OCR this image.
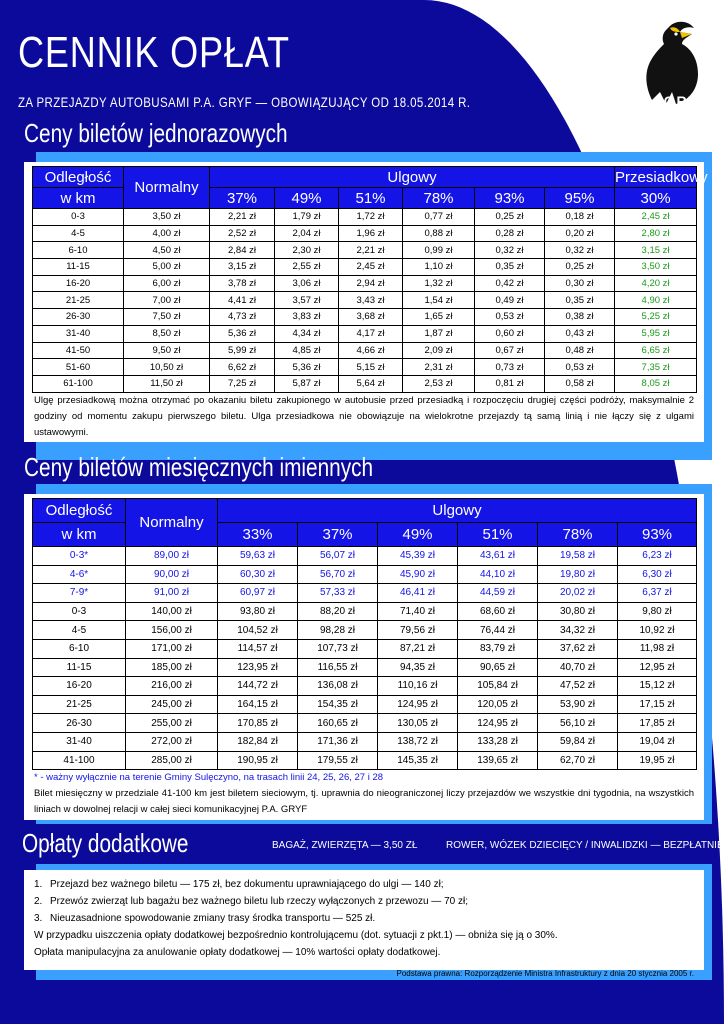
CENNIK OPŁAT
ZA PRZEJAZDY AUTOBUSAMI P.A. GRYF — OBOWIĄZUJĄCY OD 18.05.2014 R.	GRYF
Ceny biletów jednorazowych
Odległość	Normalny	Ulgowy						Przesiadkowy
w km		37%	49%	51%	78%	93%	95%	30%
0-3	3,50 zł	2,21 zł	1,79 zł	1,72 zł	0,77 zł	0,25 zł	0,18 zł	2,45 zł
4-5	4,00 zł	2,52 zł	2,04 zł	1,96 zł	0,88 zł	0,28 zł	0,20 zł	2,80 zł
6-10	4,50 zł	2,84 zł	2,30 zł	2,21 zł	0,99 zł	0,32 zł	0,32 zł	3,15 zł
11-15	5,00 zł	3,15 zł	2,55 zł	2,45 zł	1,10 zł	0,35 zł	0,25 zł	3,50 zł
16-20	6,00 zł	3,78 zł	3,06 zł	2,94 zł	1,32 zł	0,42 zł	0,30 zł	4,20 zł
21-25	7,00 zł	4,41 zł	3,57 zł	3,43 zł	1,54 zł	0,49 zł	0,35 zł	4,90 zł
26-30	7,50 zł	4,73 zł	3,83 zł	3,68 zł	1,65 zł	0,53 zł	0,38 zł	5,25 zł
31-40	8,50 zł	5,36 zł	4,34 zł	4,17 zł	1,87 zł	0,60 zł	0,43 zł	5,95 zł
41-50	9,50 zł	5,99 zł	4,85 zł	4,66 zł	2,09 zł	0,67 zł	0,48 zł	6,65 zł
51-60	10,50 zł	6,62 zł	5,36 zł	5,15 zł	2,31 zł	0,73 zł	0,53 zł	7,35 zł
61-100	11,50 zł	7,25 zł	5,87 zł	5,64 zł	2,53 zł	0,81 zł	0,58 zł	8,05 zł
Ulgę przesiadkową można otrzymać po okazaniu biletu zakupionego w autobusie przed przesiadką i rozpoczęciu drugiej części podróży, maksymalnie 2 godziny od momentu zakupu pierwszego biletu. Ulga przesiadkowa nie obowiązuje na wielokrotne przejazdy tą samą linią i nie łączy się z ulgami ustawowymi.
Ceny biletów miesięcznych imiennych
Odległość	Normalny	Ulgowy					
w km		33%	37%	49%	51%	78%	93%
0-3*	89,00 zł	59,63 zł	56,07 zł	45,39 zł	43,61 zł	19,58 zł	6,23 zł
4-6*	90,00 zł	60,30 zł	56,70 zł	45,90 zł	44,10 zł	19,80 zł	6,30 zł
7-9*	91,00 zł	60,97 zł	57,33 zł	46,41 zł	44,59 zł	20,02 zł	6,37 zł
0-3	140,00 zł	93,80 zł	88,20 zł	71,40 zł	68,60 zł	30,80 zł	9,80 zł
4-5	156,00 zł	104,52 zł	98,28 zł	79,56 zł	76,44 zł	34,32 zł	10,92 zł
6-10	171,00 zł	114,57 zł	107,73 zł	87,21 zł	83,79 zł	37,62 zł	11,98 zł
11-15	185,00 zł	123,95 zł	116,55 zł	94,35 zł	90,65 zł	40,70 zł	12,95 zł
16-20	216,00 zł	144,72 zł	136,08 zł	110,16 zł	105,84 zł	47,52 zł	15,12 zł
21-25	245,00 zł	164,15 zł	154,35 zł	124,95 zł	120,05 zł	53,90 zł	17,15 zł
26-30	255,00 zł	170,85 zł	160,65 zł	130,05 zł	124,95 zł	56,10 zł	17,85 zł
31-40	272,00 zł	182,84 zł	171,36 zł	138,72 zł	133,28 zł	59,84 zł	19,04 zł
41-100	285,00 zł	190,95 zł	179,55 zł	145,35 zł	139,65 zł	62,70 zł	19,95 zł
* - ważny wyłącznie na terenie Gminy Sulęczyno, na trasach linii 24, 25, 26, 27 i 28
Bilet miesięczny w przedziale 41-100 km jest biletem sieciowym, tj. uprawnia do nieograniczonej liczy przejazdów we wszystkie dni tygodnia, na wszystkich liniach w dowolnej relacji w całej sieci komunikacyjnej P.A. GRYF
Opłaty dodatkowe	BAGAŻ, ZWIERZĘTA — 3,50 ZŁ	ROWER, WÓZEK DZIECIĘCY / INWALIDZKI — BEZPŁATNIE
1. Przejazd bez ważnego biletu — 175 zł, bez dokumentu uprawniającego do ulgi — 140 zł;
2. Przewóz zwierząt lub bagażu bez ważnego biletu lub rzeczy wyłączonych z przewozu — 70 zł;
3. Nieuzasadnione spowodowanie zmiany trasy środka transportu — 525 zł.
W przypadku uiszczenia opłaty dodatkowej bezpośrednio kontrolującemu (dot. sytuacji z pkt.1) — obniża się ją o 30%.
Opłata manipulacyjna za anulowanie opłaty dodatkowej — 10% wartości opłaty dodatkowej.
Podstawa prawna: Rozporządzenie Ministra Infrastruktury z dnia 20 stycznia 2005 r.
